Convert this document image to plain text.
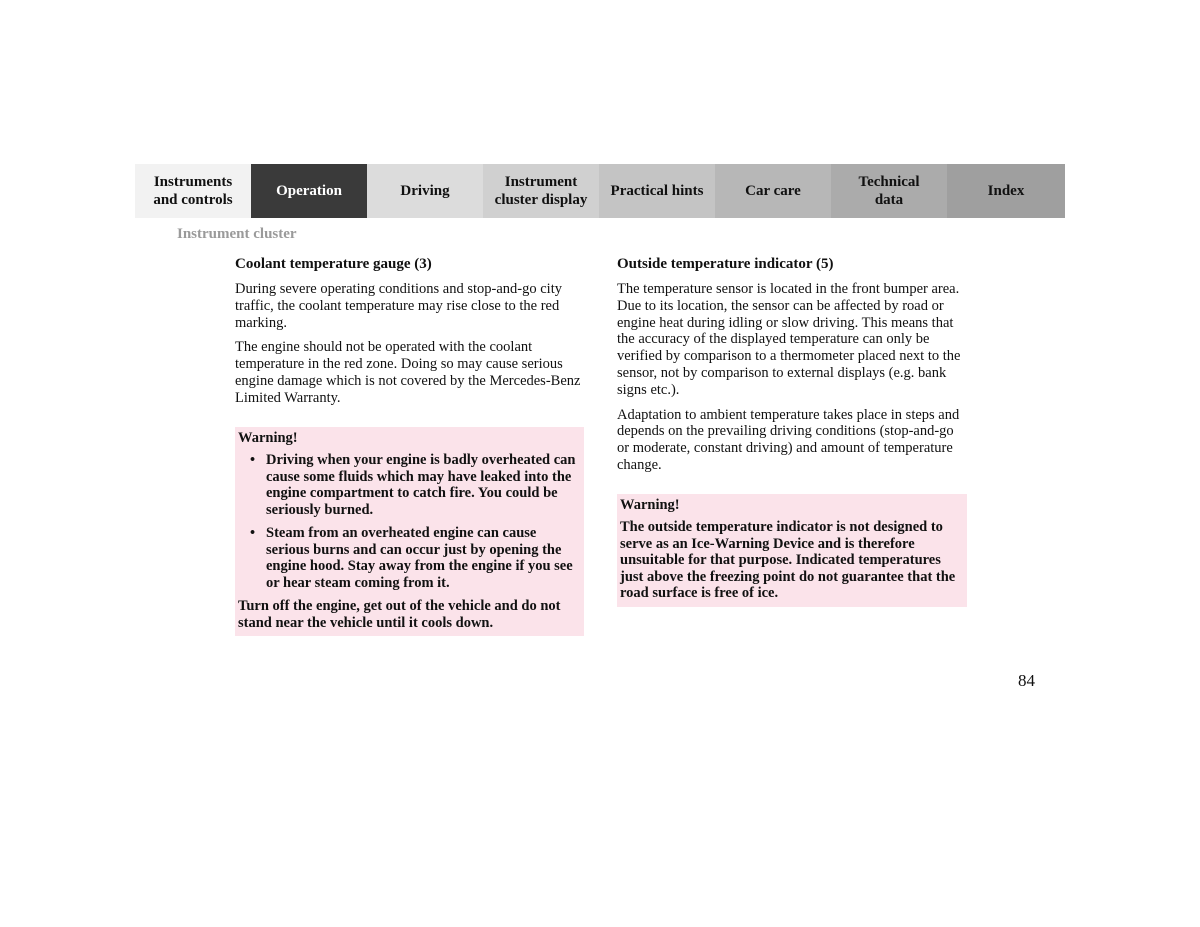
Instruments
and controls
Operation	Driving
Instrument
cluster display
Practical hints	Car care
Technical
data
Index
Instrument cluster
Coolant temperature gauge (3)

During severe operating conditions and stop-and-go city traffic, the coolant temperature may rise close to the red marking.

The engine should not be operated with the coolant temperature in the red zone. Doing so may cause serious engine damage which is not covered by the Mercedes-Benz Limited Warranty.

Warning!
• Driving when your engine is badly overheated can cause some fluids which may have leaked into the engine compartment to catch fire. You could be seriously burned.
• Steam from an overheated engine can cause serious burns and can occur just by opening the engine hood. Stay away from the engine if you see or hear steam coming from it.

Turn off the engine, get out of the vehicle and do not stand near the vehicle until it cools down.

Outside temperature indicator (5)

The temperature sensor is located in the front bumper area. Due to its location, the sensor can be affected by road or engine heat during idling or slow driving. This means that the accuracy of the displayed temperature can only be verified by comparison to a thermometer placed next to the sensor, not by comparison to external displays (e.g. bank signs etc.).

Adaptation to ambient temperature takes place in steps and depends on the prevailing driving conditions (stop-and-go or moderate, constant driving) and amount of temperature change.

Warning!

The outside temperature indicator is not designed to serve as an Ice-Warning Device and is therefore unsuitable for that purpose. Indicated temperatures just above the freezing point do not guarantee that the road surface is free of ice.

84
